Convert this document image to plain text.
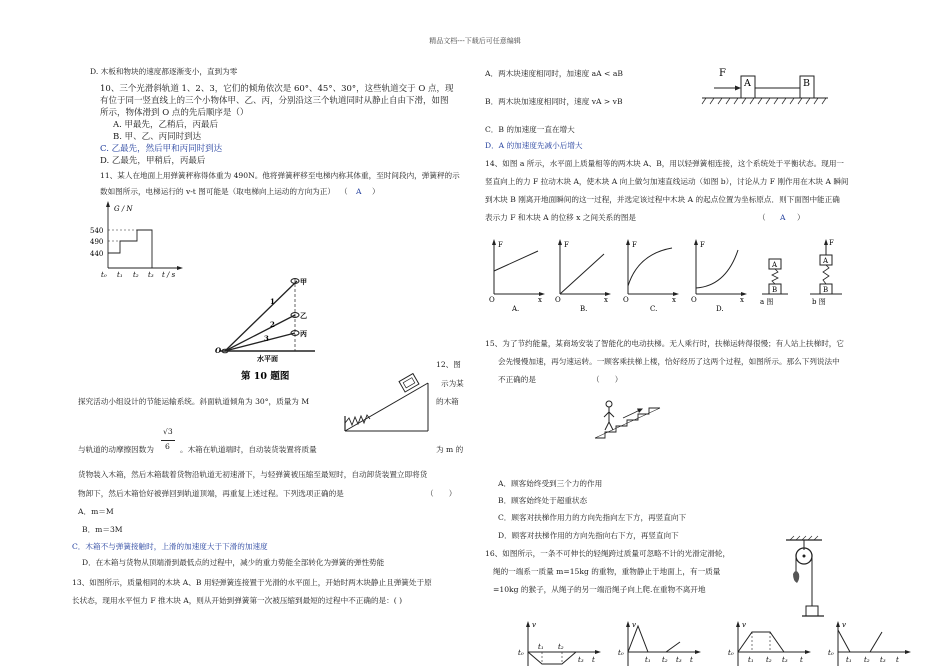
精品文档---下载后可任意编辑
D. 木板和物块的速度都逐渐变小，直到为零
10、三个光滑斜轨道 1、2、3，它们的倾角依次是 60°、45°、30°，这些轨道交于 O 点，现
有位于同一竖直线上的三个小物体甲、乙、丙，分别沿这三个轨道同时从静止自由下滑，如图
所示，物体滑到 O 点的先后顺序是（）
A. 甲最先，乙稍后，丙最后
B. 甲、乙、丙同时到达
C. 乙最先，然后甲和丙同时到达
D. 乙最先，甲稍后，丙最后
11、某人在地面上用弹簧秤称得体重为 490N。他将弹簧秤移至电梯内称其体重，至时间段内，弹簧秤的示
数如图所示，电梯运行的 v-t 图可能是（取电梯向上运动的方向为正） （ A ）
G / N
540
490
440
t₀ t₁ t₂ t₃ t / s
甲
乙
丙
1
2
3
O
水平面
第 10 题图
12、图
示为某
探究活动小组设计的节能运输系统。斜面轨道倾角为 30°，质量为 M	的木箱
与轨道的动摩擦因数为
√3
6 。木箱在轨道端时，自动装货装置将质量	为 m 的
货物装入木箱，然后木箱载着货物沿轨道无初速滑下，与轻弹簧被压缩至最短时，自动卸货装置立即将货
物卸下，然后木箱恰好被弹回到轨道顶端，再重复上述过程。下列选项正确的是	（　　）
A．m＝M
B．m＝3M
C．木箱不与弹簧接触时，上滑的加速度大于下滑的加速度
D．在木箱与货物从顶端滑到最低点的过程中，减少的重力势能全部转化为弹簧的弹性势能
13、如图所示，质量相同的木块 A、B 用轻弹簧连接置于光滑的水平面上，开始时两木块静止且弹簧处于原
长状态，现用水平恒力 F 推木块 A，则从开始到弹簧第一次被压缩到最短的过程中不正确的是：( )
A．两木块速度相同时，加速度 aA < aB
B．两木块加速度相同时，速度 vA > vB
C．B 的加速度一直在增大
D．A 的加速度先减小后增大
F
A	B
14、如图 a 所示，水平面上质量相等的两木块 A、B，用以轻弹簧相连接，这个系统处于平衡状态。现用一
竖直向上的力 F 拉动木块 A，使木块 A 向上做匀加速直线运动（如图 b），讨论从力 F 刚作用在木块 A 瞬间
到木块 B 刚离开地面瞬间的这一过程，并选定该过程中木块 A 的起点位置为坐标原点．则下面图中能正确
表示力 F 和木块 A 的位移 x 之间关系的图是	（ A ）
F
x
O
A.
F
x
O
B.
F
x
O
C.
F
x
O
D.
A
B
a 图
F
A
B
b 图
15、为了节约能量，某商场安装了智能化的电动扶梯。无人乘行时，扶梯运转得很慢；有人站上扶梯时，它
会先慢慢加速，再匀速运转。一顾客乘扶梯上楼，恰好经历了这两个过程，如图所示。那么下列说法中
不正确的是	（　　）
A．顾客始终受到三个力的作用
B．顾客始终处于超重状态
C．顾客对扶梯作用力的方向先指向左下方，再竖直向下
D．顾客对扶梯作用的方向先指向右下方，再竖直向下
16、如图所示，一条不可伸长的轻绳跨过质量可忽略不计的光滑定滑轮，
绳的一端系一质量 m=15kg 的重物，重物静止于地面上，有一质量
=10kg 的猴子，从绳子的另一端沿绳子向上爬.在重物不离开地
v
t₀
t₁ t₂
t₃ t
v
t₀
t₁ t₂ t₃ t
v
t₀
t₁ t₂ t₃ t
v
t₀
t₁ t₂ t₃ t
